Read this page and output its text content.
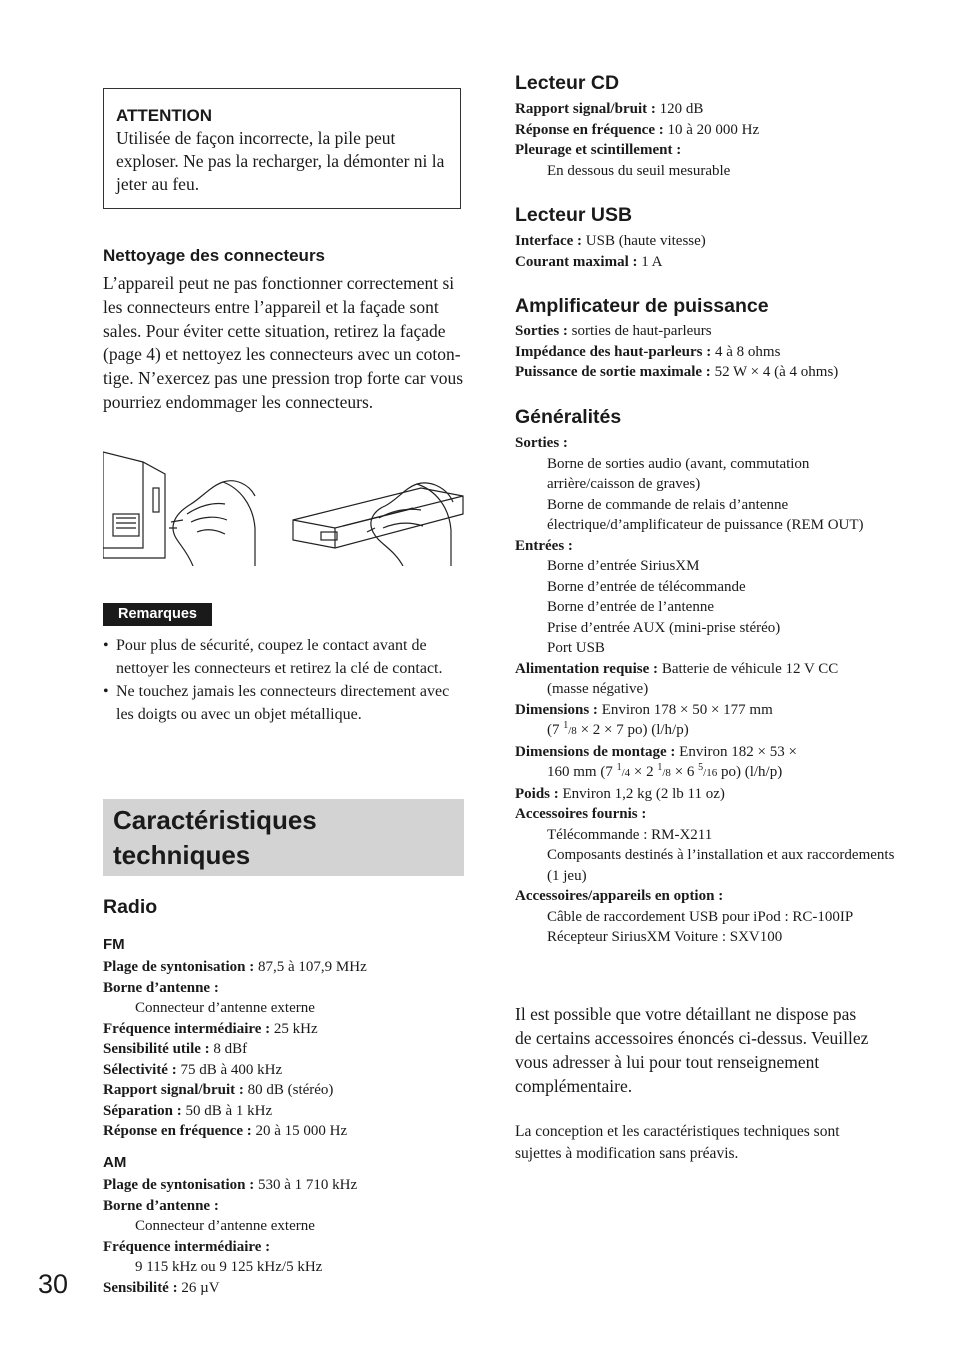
ATTENTION
Utilisée de façon incorrecte, la pile peut exploser. Ne pas la recharger, la démonter ni la jeter au feu.
Nettoyage des connecteurs
L’appareil peut ne pas fonctionner correctement si les connecteurs entre l’appareil et la façade sont sales. Pour éviter cette situation, retirez la façade (page 4) et nettoyez les connecteurs avec un coton-tige. N’exercez pas une pression trop forte car vous pourriez endommager les connecteurs.
Remarques
• Pour plus de sécurité, coupez le contact avant de nettoyer les connecteurs et retirez la clé de contact.
• Ne touchez jamais les connecteurs directement avec les doigts ou avec un objet métallique.
Caractéristiques
techniques
Radio
FM
Plage de syntonisation : 87,5 à 107,9 MHz
Borne d’antenne :
Connecteur d’antenne externe
Fréquence intermédiaire : 25 kHz
Sensibilité utile : 8 dBf
Sélectivité : 75 dB à 400 kHz
Rapport signal/bruit : 80 dB (stéréo)
Séparation : 50 dB à 1 kHz
Réponse en fréquence : 20 à 15 000 Hz
AM
Plage de syntonisation : 530 à 1 710 kHz
Borne d’antenne :
Connecteur d’antenne externe
Fréquence intermédiaire :
9 115 kHz ou 9 125 kHz/5 kHz
Sensibilité : 26 µV
30
Lecteur CD
Rapport signal/bruit : 120 dB
Réponse en fréquence : 10 à 20 000 Hz
Pleurage et scintillement :
En dessous du seuil mesurable
Lecteur USB
Interface : USB (haute vitesse)
Courant maximal : 1 A
Amplificateur de puissance
Sorties : sorties de haut-parleurs
Impédance des haut-parleurs : 4 à 8 ohms
Puissance de sortie maximale : 52 W × 4 (à 4 ohms)
Généralités
Sorties :
Borne de sorties audio (avant, commutation arrière/caisson de graves)
Borne de commande de relais d’antenne électrique/d’amplificateur de puissance (REM OUT)
Entrées :
Borne d’entrée SiriusXM
Borne d’entrée de télécommande
Borne d’entrée de l’antenne
Prise d’entrée AUX (mini-prise stéréo)
Port USB
Alimentation requise : Batterie de véhicule 12 V CC
(masse négative)
Dimensions : Environ 178 × 50 × 177 mm
(7 $^1$/8 × 2 × 7 po) (l/h/p)
Dimensions de montage : Environ 182 × 53 ×
160 mm (7 $^1$/4 × 2 $^1$/8 × 6 $^5$/16 po) (l/h/p)
Poids : Environ 1,2 kg (2 lb 11 oz)
Accessoires fournis :
Télécommande : RM-X211
Composants destinés à l’installation et aux raccordements (1 jeu)
Accessoires/appareils en option :
Câble de raccordement USB pour iPod : RC-100IP
Récepteur SiriusXM Voiture : SXV100
Il est possible que votre détaillant ne dispose pas de certains accessoires énoncés ci-dessus. Veuillez vous adresser à lui pour tout renseignement complémentaire.
La conception et les caractéristiques techniques sont sujettes à modification sans préavis.
